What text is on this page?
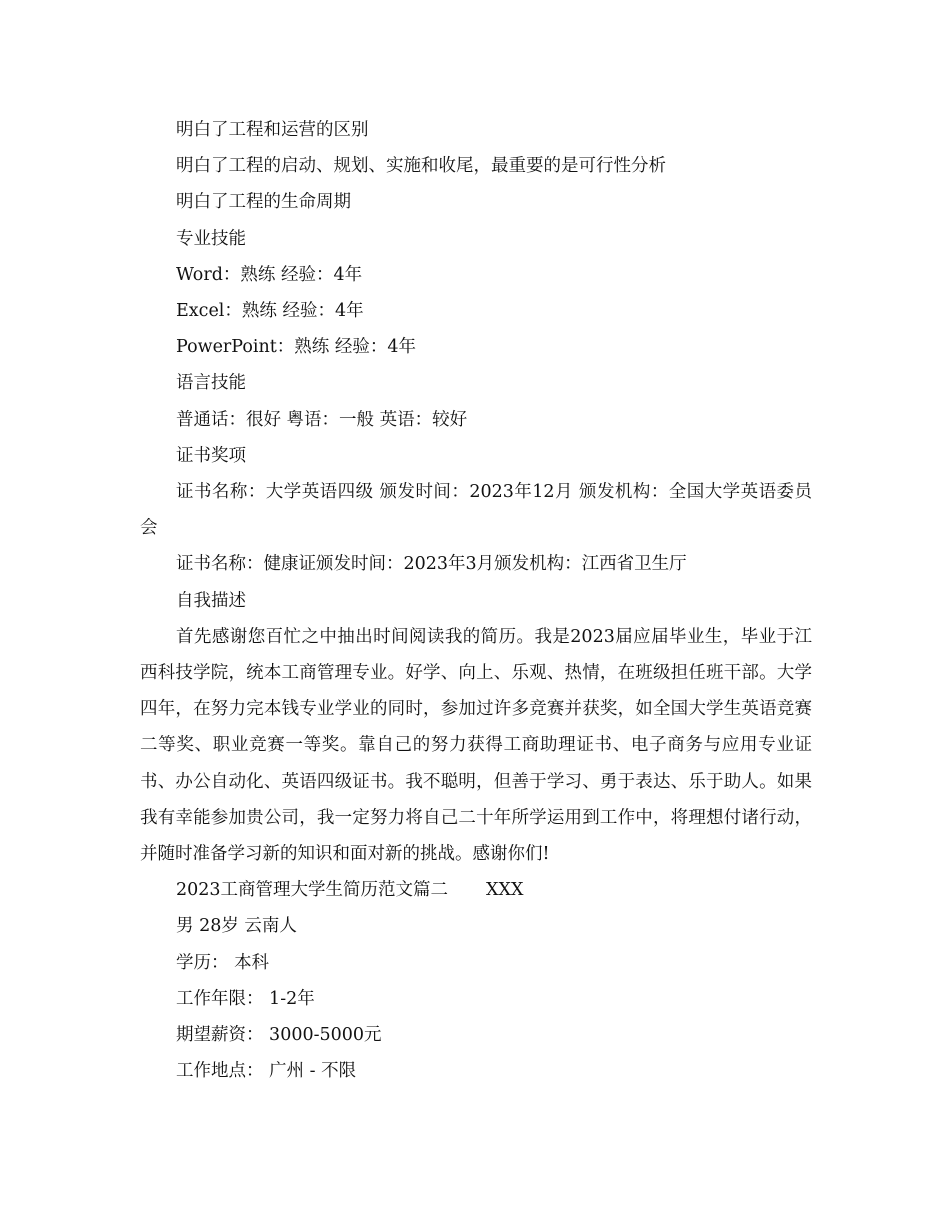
明白了工程和运营的区别

明白了工程的启动、规划、实施和收尾，最重要的是可行性分析

明白了工程的生命周期

专业技能

Word：熟练 经验：4年

Excel：熟练 经验：4年

PowerPoint：熟练 经验：4年

语言技能

普通话：很好 粤语：一般 英语：较好

证书奖项

证书名称：大学英语四级 颁发时间：2023年12月 颁发机构：全国大学英语委员会

证书名称：健康证颁发时间：2023年3月颁发机构：江西省卫生厅

自我描述

首先感谢您百忙之中抽出时间阅读我的简历。我是2023届应届毕业生，毕业于江西科技学院，统本工商管理专业。好学、向上、乐观、热情，在班级担任班干部。大学四年，在努力完本钱专业学业的同时，参加过许多竞赛并获奖，如全国大学生英语竞赛二等奖、职业竞赛一等奖。靠自己的努力获得工商助理证书、电子商务与应用专业证书、办公自动化、英语四级证书。我不聪明，但善于学习、勇于表达、乐于助人。如果我有幸能参加贵公司，我一定努力将自己二十年所学运用到工作中，将理想付诸行动，并随时准备学习新的知识和面对新的挑战。感谢你们!

2023工商管理大学生简历范文篇二 XXX

男 28岁 云南人

学历： 本科

工作年限： 1-2年

期望薪资： 3000-5000元

工作地点： 广州 - 不限
